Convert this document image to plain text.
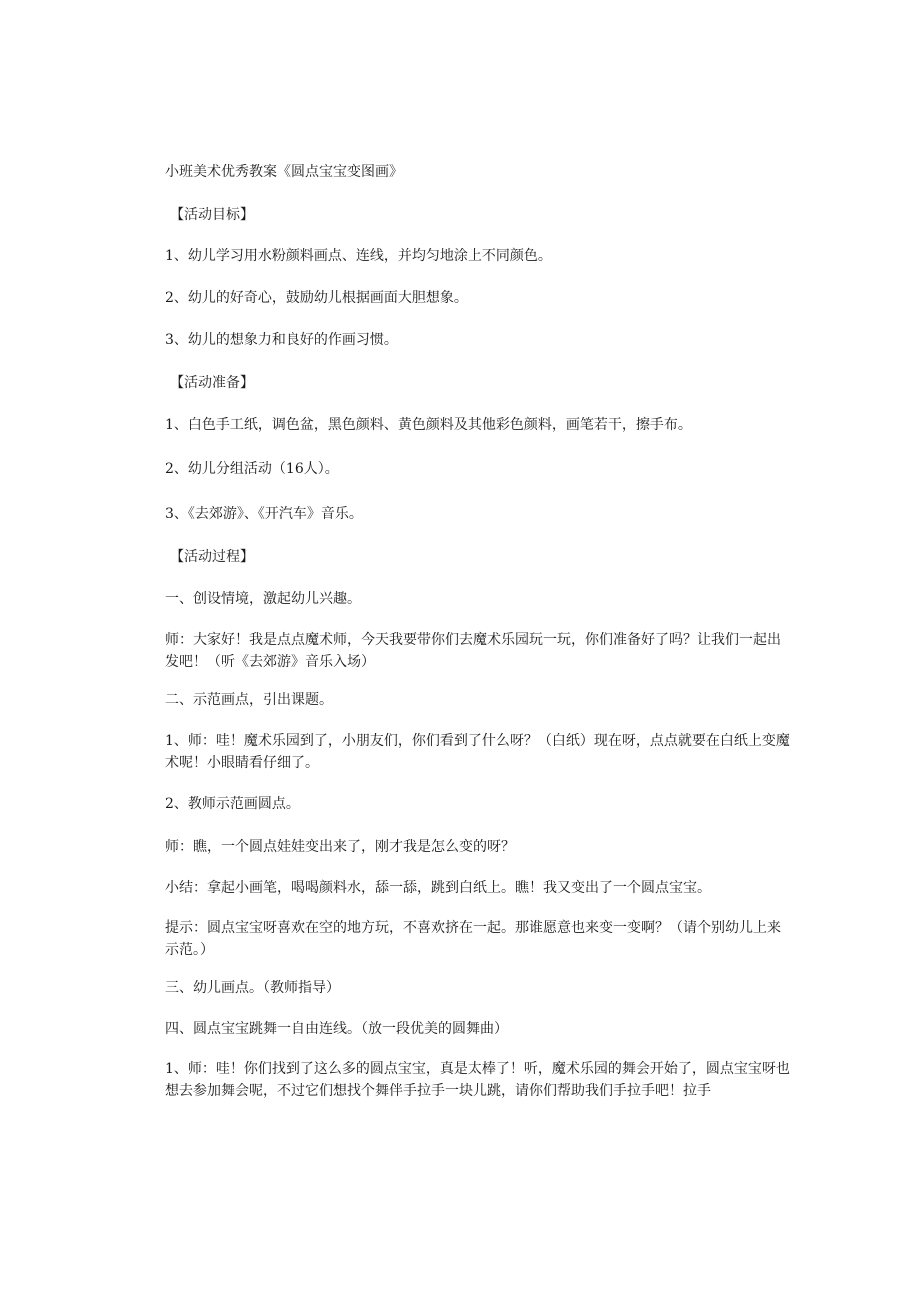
小班美术优秀教案《圆点宝宝变图画》

【活动目标】

1、幼儿学习用水粉颜料画点、连线，并均匀地涂上不同颜色。

2、幼儿的好奇心，鼓励幼儿根据画面大胆想象。

3、幼儿的想象力和良好的作画习惯。

【活动准备】

1、白色手工纸，调色盆，黑色颜料、黄色颜料及其他彩色颜料，画笔若干，擦手布。

2、幼儿分组活动（16人）。

3、《去郊游》、《开汽车》音乐。

【活动过程】

一、创设情境，激起幼儿兴趣。

师：大家好！我是点点魔术师，今天我要带你们去魔术乐园玩一玩，你们准备好了吗？让我们一起出发吧！（听《去郊游》音乐入场）

二、示范画点，引出课题。

1、师：哇！魔术乐园到了，小朋友们，你们看到了什么呀？（白纸）现在呀，点点就要在白纸上变魔术呢！小眼睛看仔细了。

2、教师示范画圆点。

师：瞧，一个圆点娃娃变出来了，刚才我是怎么变的呀？

小结：拿起小画笔，喝喝颜料水，舔一舔，跳到白纸上。瞧！我又变出了一个圆点宝宝。

提示：圆点宝宝呀喜欢在空的地方玩，不喜欢挤在一起。那谁愿意也来变一变啊？（请个别幼儿上来示范。）

三、幼儿画点。（教师指导）

四、圆点宝宝跳舞一自由连线。（放一段优美的圆舞曲）

1、师：哇！你们找到了这么多的圆点宝宝，真是太棒了！听，魔术乐园的舞会开始了，圆点宝宝呀也想去参加舞会呢，不过它们想找个舞伴手拉手一块儿跳，请你们帮助我们手拉手吧！拉手
